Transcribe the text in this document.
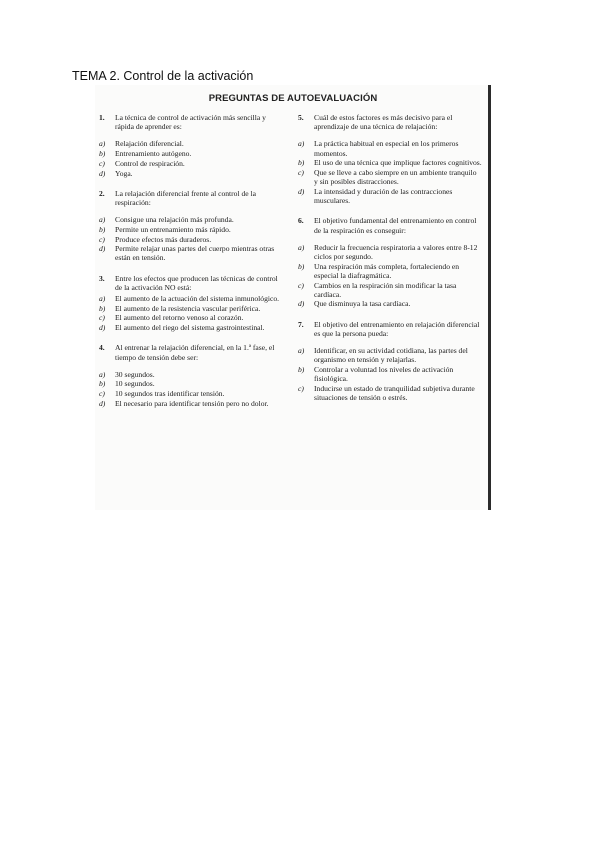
TEMA 2. Control de la activación
PREGUNTAS DE AUTOEVALUACIÓN
1.	La técnica de control de activación más sencilla y rápida de aprender es:
a)	Relajación diferencial.
b)	Entrenamiento autógeno.
c)	Control de respiración.
d)	Yoga.
2.	La relajación diferencial frente al control de la respiración:
a)	Consigue una relajación más profunda.
b)	Permite un entrenamiento más rápido.
c)	Produce efectos más duraderos.
d)	Permite relajar unas partes del cuerpo mientras otras están en tensión.
3.	Entre los efectos que producen las técnicas de control de la activación NO está:
a)	El aumento de la actuación del sistema inmunológico.
b)	El aumento de la resistencia vascular periférica.
c)	El aumento del retorno venoso al corazón.
d)	El aumento del riego del sistema gastrointestinal.
4.	Al entrenar la relajación diferencial, en la 1.ª fase, el tiempo de tensión debe ser:
a)	30 segundos.
b)	10 segundos.
c)	10 segundos tras identificar tensión.
d)	El necesario para identificar tensión pero no dolor.
5.	Cuál de estos factores es más decisivo para el aprendizaje de una técnica de relajación:
a)	La práctica habitual en especial en los primeros momentos.
b)	El uso de una técnica que implique factores cognitivos.
c)	Que se lleve a cabo siempre en un ambiente tranquilo y sin posibles distracciones.
d)	La intensidad y duración de las contracciones musculares.
6.	El objetivo fundamental del entrenamiento en control de la respiración es conseguir:
a)	Reducir la frecuencia respiratoria a valores entre 8-12 ciclos por segundo.
b)	Una respiración más completa, fortaleciendo en especial la diafragmática.
c)	Cambios en la respiración sin modificar la tasa cardíaca.
d)	Que disminuya la tasa cardíaca.
7.	El objetivo del entrenamiento en relajación diferencial es que la persona pueda:
a)	Identificar, en su actividad cotidiana, las partes del organismo en tensión y relajarlas.
b)	Controlar a voluntad los niveles de activación fisiológica.
c)	Inducirse un estado de tranquilidad subjetiva durante situaciones de tensión o estrés.
